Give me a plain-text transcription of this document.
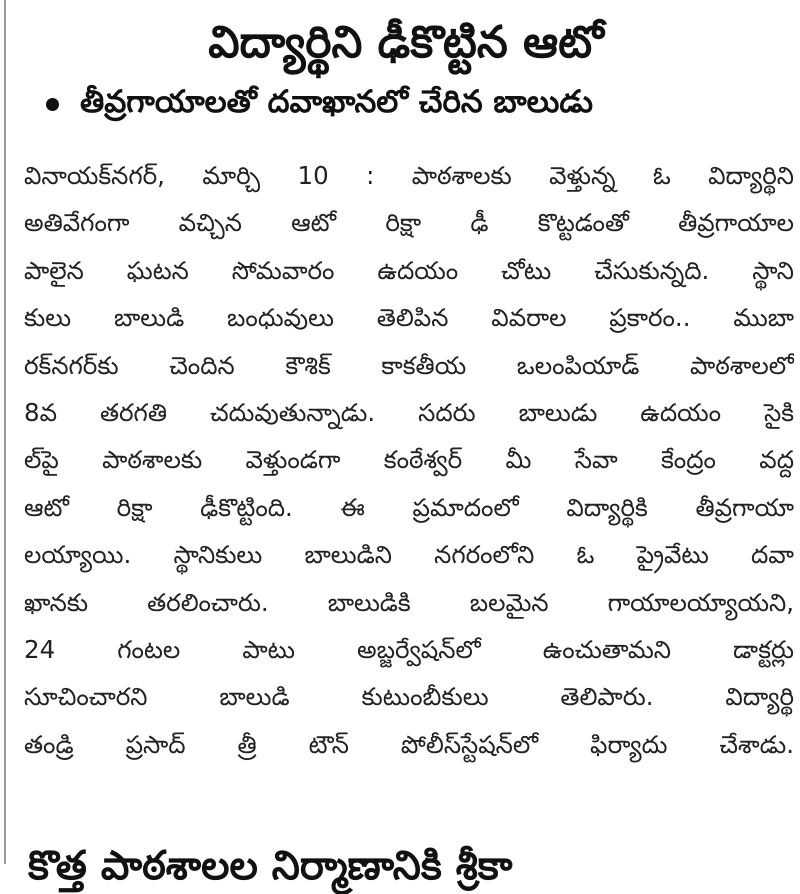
విద్యార్థిని ఢీకొట్టిన ఆటో
తీవ్రగాయాలతో దవాఖానలో చేరిన బాలుడు
వినాయక్‌నగర్, మార్చి 10 : పాఠశాలకు వెళ్తున్న ఓ విద్యార్థిని
అతివేగంగా వచ్చిన ఆటో రిక్షా ఢీ కొట్టడంతో తీవ్రగాయాల
పాలైన ఘటన సోమవారం ఉదయం చోటు చేసుకున్నది. స్థాని
కులు బాలుడి బంధువులు తెలిపిన వివరాల ప్రకారం.. ముబా
రక్‌నగర్‌కు చెందిన కౌశిక్ కాకతీయ ఒలంపియాడ్ పాఠశాలలో
8వ తరగతి చదువుతున్నాడు. సదరు బాలుడు ఉదయం సైకి
ల్‌పై పాఠశాలకు వెళ్తుండగా కంఠేశ్వర్ మీ సేవా కేంద్రం వద్ద
ఆటో రిక్షా ఢీకొట్టింది. ఈ ప్రమాదంలో విద్యార్థికి తీవ్రగాయా
లయ్యాయి. స్థానికులు బాలుడిని నగరంలోని ఓ ప్రైవేటు దవా
ఖానకు తరలించారు. బాలుడికి బలమైన గాయాలయ్యాయని,
24 గంటల పాటు అబ్జర్వేషన్‌లో ఉంచుతామని డాక్టర్లు
సూచించారని బాలుడి కుటుంబీకులు తెలిపారు. విద్యార్థి
తండ్రి ప్రసాద్ త్రీ టౌన్ పోలీస్‌స్టేషన్‌లో ఫిర్యాదు చేశాడు.
కొత్త పాఠశాలల నిర్మాణానికి శ్రీకా
